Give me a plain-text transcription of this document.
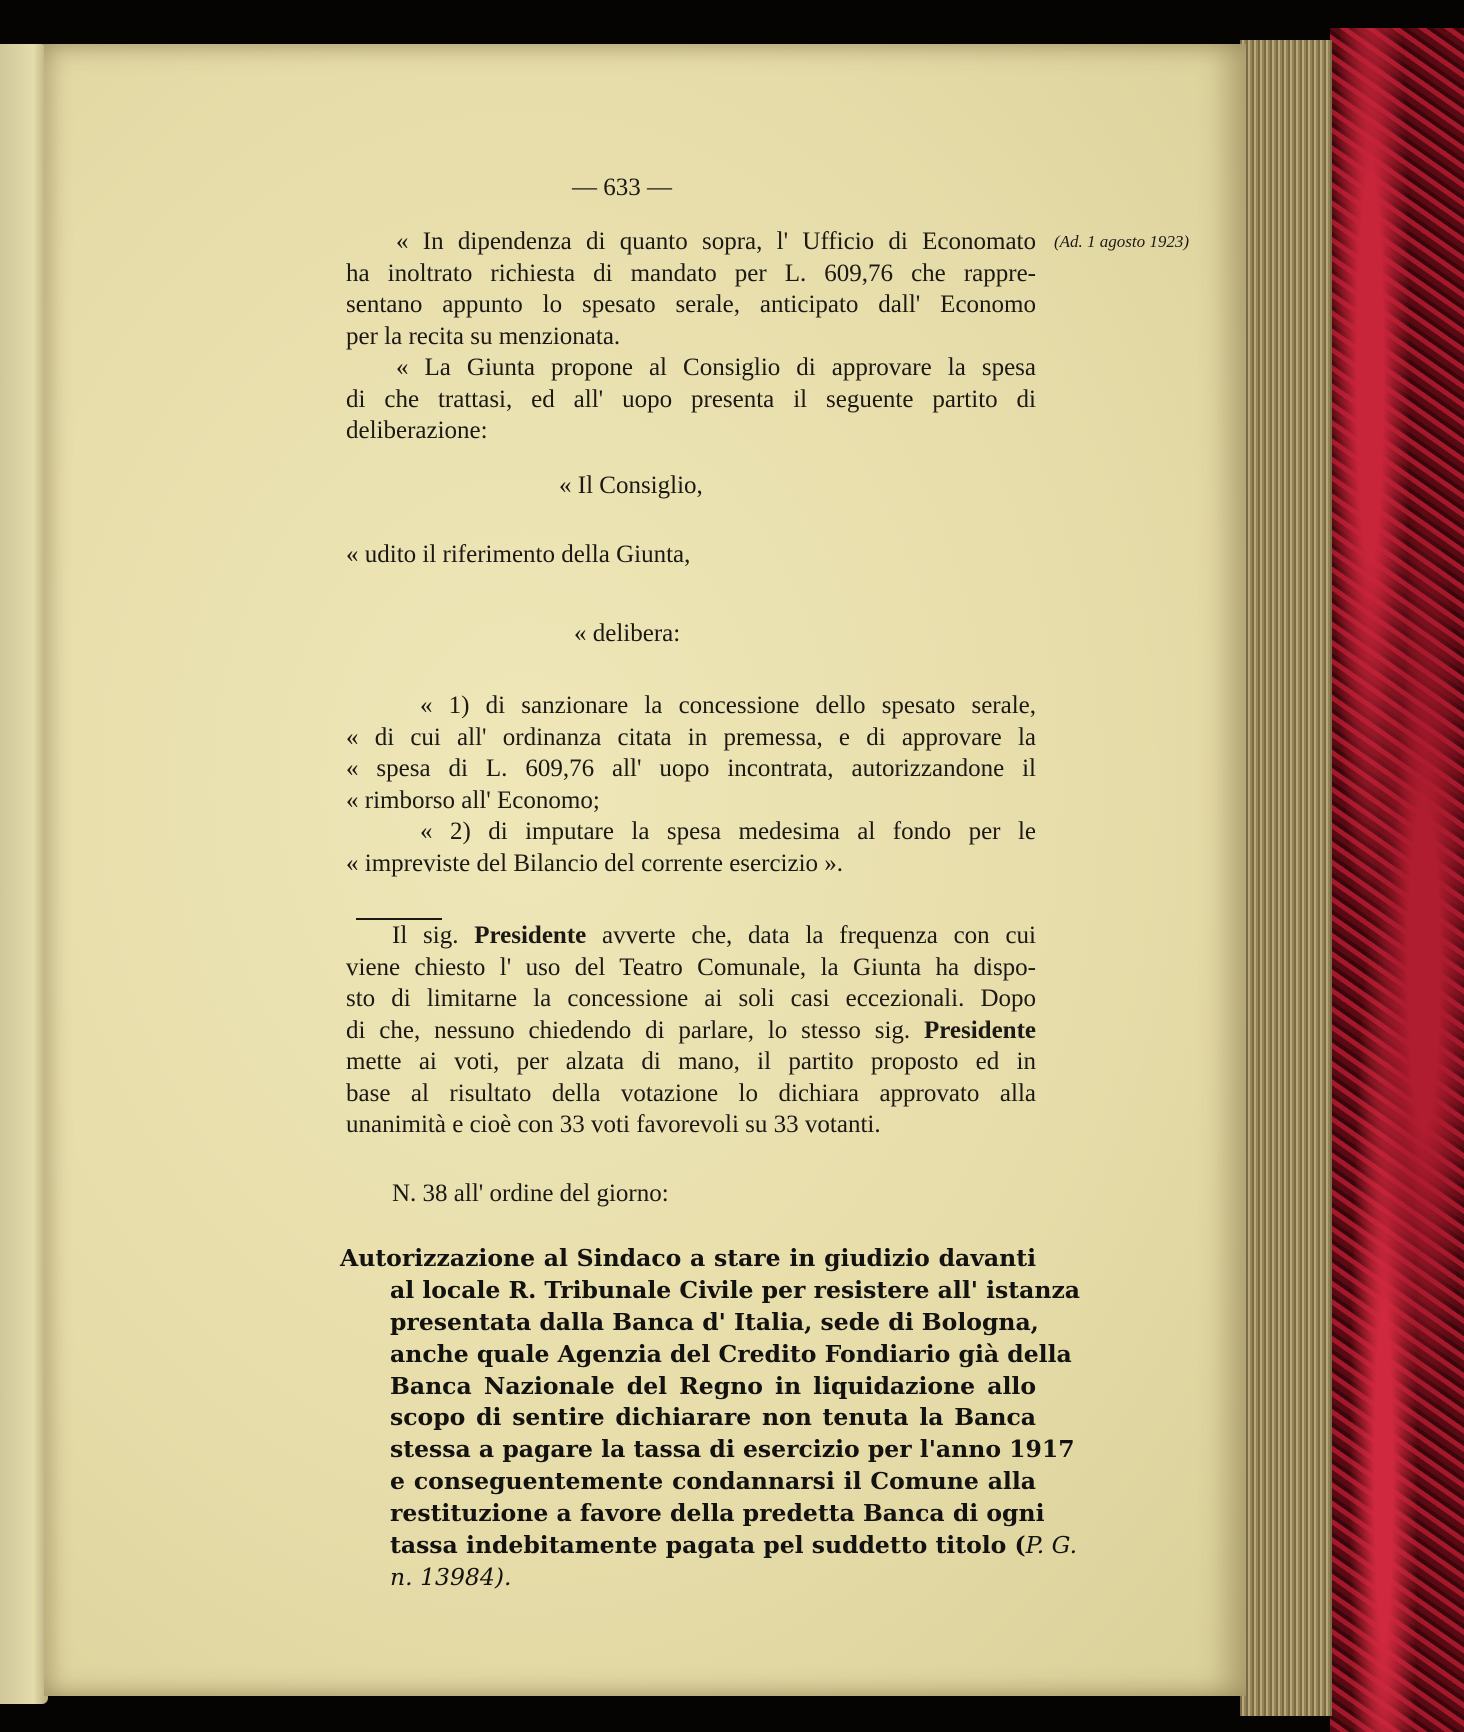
— 633 —
(Ad. 1 agosto 1923)
« In dipendenza di quanto sopra, l' Ufficio di Economato
ha inoltrato richiesta di mandato per L. 609,76 che rappre-
sentano appunto lo spesato serale, anticipato dall' Economo
per la recita su menzionata.
« La Giunta propone al Consiglio di approvare la spesa
di che trattasi, ed all' uopo presenta il seguente partito di
deliberazione:
« Il Consiglio,
« udito il riferimento della Giunta,
« delibera:
« 1) di sanzionare la concessione dello spesato serale,
« di cui all' ordinanza citata in premessa, e di approvare la
« spesa di L. 609,76 all' uopo incontrata, autorizzandone il
« rimborso all' Economo;
« 2) di imputare la spesa medesima al fondo per le
« impreviste del Bilancio del corrente esercizio ».
Il sig. Presidente avverte che, data la frequenza con cui
viene chiesto l' uso del Teatro Comunale, la Giunta ha dispo-
sto di limitarne la concessione ai soli casi eccezionali. Dopo
di che, nessuno chiedendo di parlare, lo stesso sig. Presidente
mette ai voti, per alzata di mano, il partito proposto ed in
base al risultato della votazione lo dichiara approvato alla
unanimità e cioè con 33 voti favorevoli su 33 votanti.
N. 38 all' ordine del giorno:
Autorizzazione al Sindaco a stare in giudizio davanti
al locale R. Tribunale Civile per resistere all' istanza
presentata dalla Banca d' Italia, sede di Bologna,
anche quale Agenzia del Credito Fondiario già della
Banca Nazionale del Regno in liquidazione allo
scopo di sentire dichiarare non tenuta la Banca
stessa a pagare la tassa di esercizio per l'anno 1917
e conseguentemente condannarsi il Comune alla
restituzione a favore della predetta Banca di ogni
tassa indebitamente pagata pel suddetto titolo (P. G.
n. 13984).
